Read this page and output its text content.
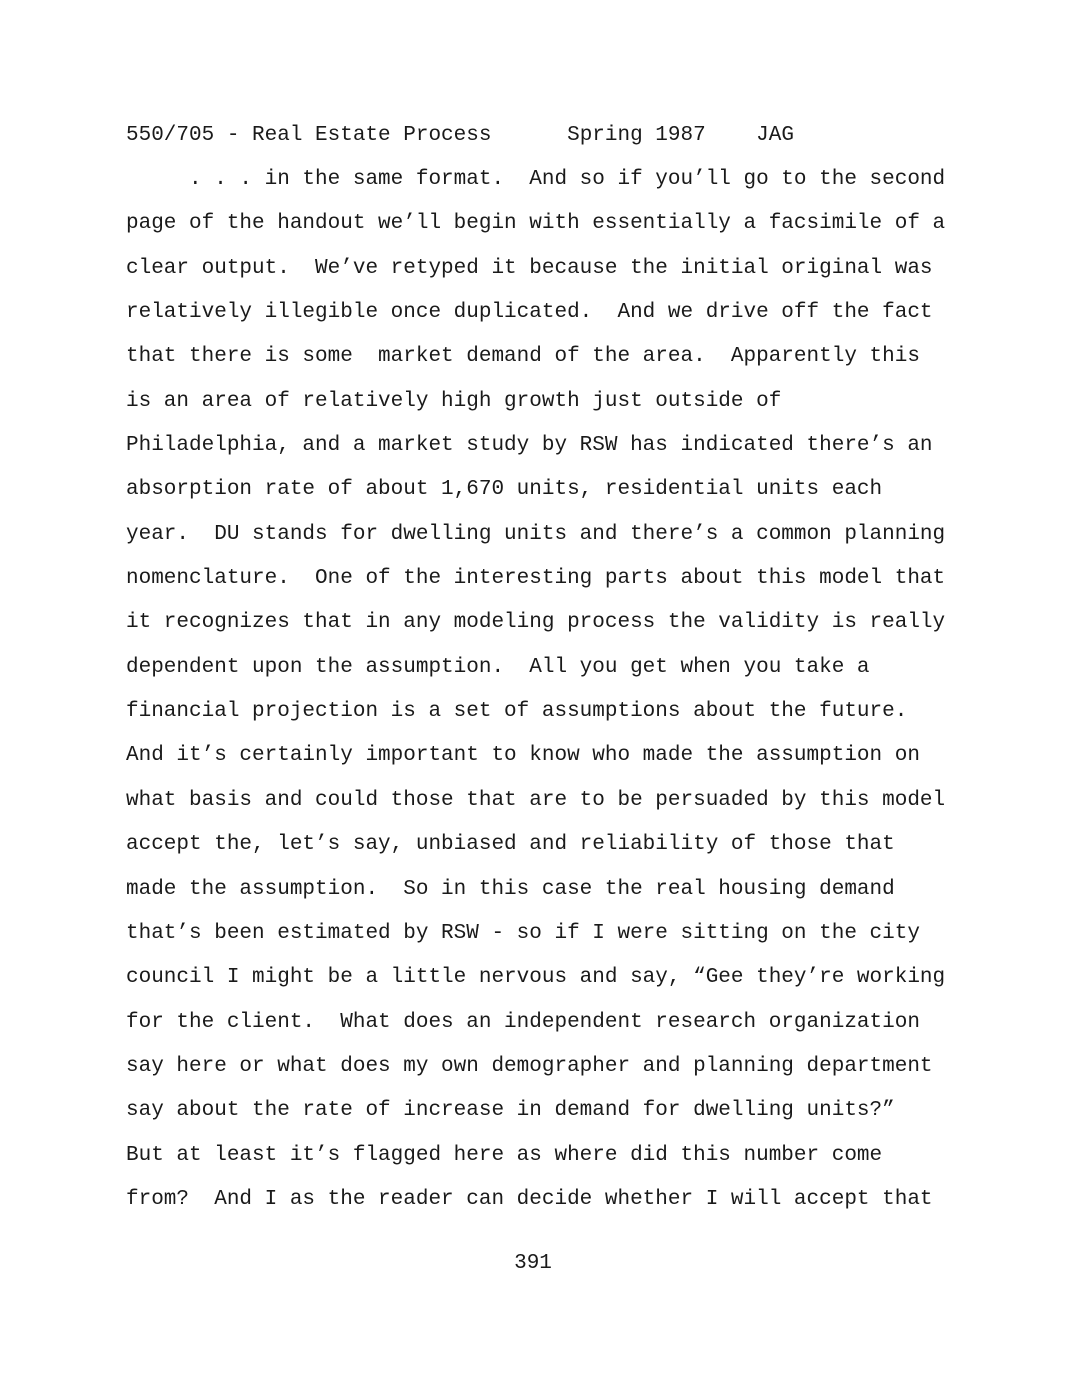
550/705 - Real Estate Process	Spring 1987 JAG
. . . in the same format.  And so if you’ll go to the second
page of the handout we’ll begin with essentially a facsimile of a
clear output.  We’ve retyped it because the initial original was
relatively illegible once duplicated.  And we drive off the fact
that there is some  market demand of the area.  Apparently this
is an area of relatively high growth just outside of
Philadelphia, and a market study by RSW has indicated there’s an
absorption rate of about 1,670 units, residential units each
year.  DU stands for dwelling units and there’s a common planning
nomenclature.  One of the interesting parts about this model that
it recognizes that in any modeling process the validity is really
dependent upon the assumption.  All you get when you take a
financial projection is a set of assumptions about the future.
And it’s certainly important to know who made the assumption on
what basis and could those that are to be persuaded by this model
accept the, let’s say, unbiased and reliability of those that
made the assumption.  So in this case the real housing demand
that’s been estimated by RSW - so if I were sitting on the city
council I might be a little nervous and say, “Gee they’re working
for the client.  What does an independent research organization
say here or what does my own demographer and planning department
say about the rate of increase in demand for dwelling units?”
But at least it’s flagged here as where did this number come
from?  And I as the reader can decide whether I will accept that
391
